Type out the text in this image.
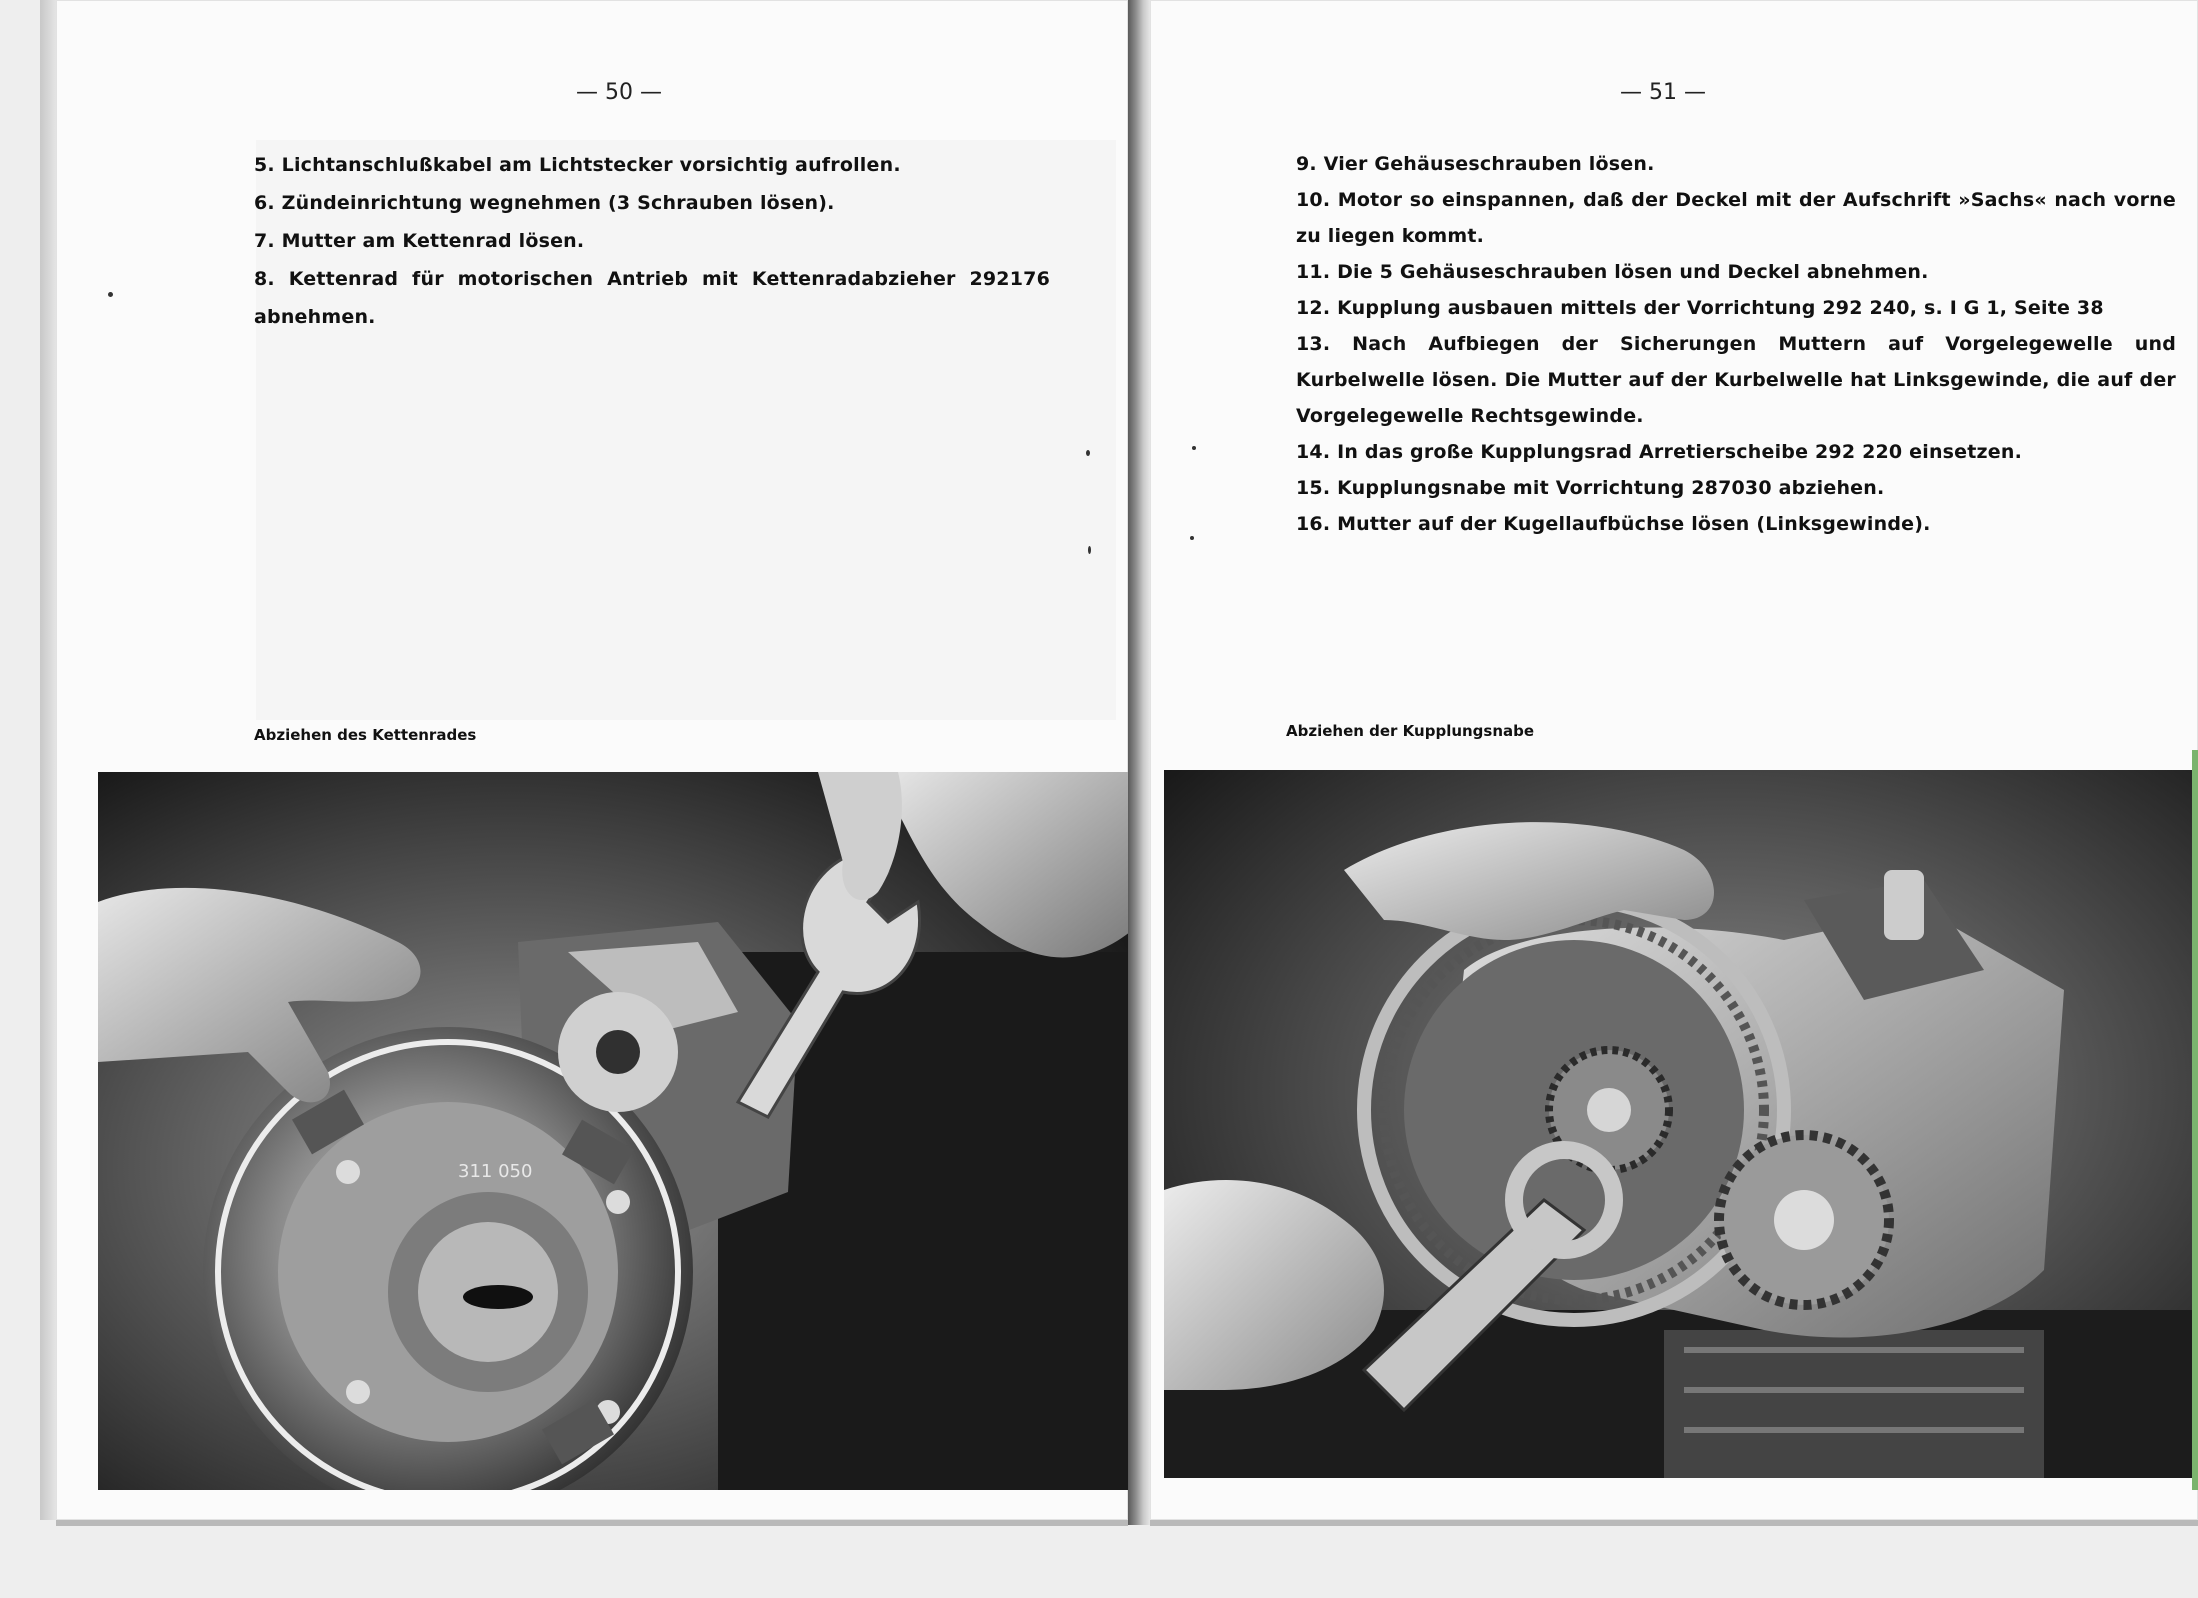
— 50 —

5. Lichtanschlußkabel am Lichtstecker vorsichtig aufrollen.

6. Zündeinrichtung wegnehmen (3 Schrauben lösen).

7. Mutter am Kettenrad lösen.

8. Kettenrad für motorischen Antrieb mit Kettenradabzieher 292176 abnehmen.

Abziehen des Kettenrades
311 050
— 51 —

9. Vier Gehäuseschrauben lösen.

10. Motor so einspannen, daß der Deckel mit der Aufschrift »Sachs« nach vorne zu liegen kommt.

11. Die 5 Gehäuseschrauben lösen und Deckel abnehmen.

12. Kupplung ausbauen mittels der Vorrichtung 292 240, s. I G 1, Seite 38

13. Nach Aufbiegen der Sicherungen Muttern auf Vorgelegewelle und Kurbelwelle lösen. Die Mutter auf der Kurbelwelle hat Linksgewinde, die auf der Vorgelegewelle Rechtsgewinde.

14. In das große Kupplungsrad Arretierscheibe 292 220 einsetzen.

15. Kupplungsnabe mit Vorrichtung 287030 abziehen.

16. Mutter auf der Kugellaufbüchse lösen (Linksgewinde).

Abziehen der Kupplungsnabe
